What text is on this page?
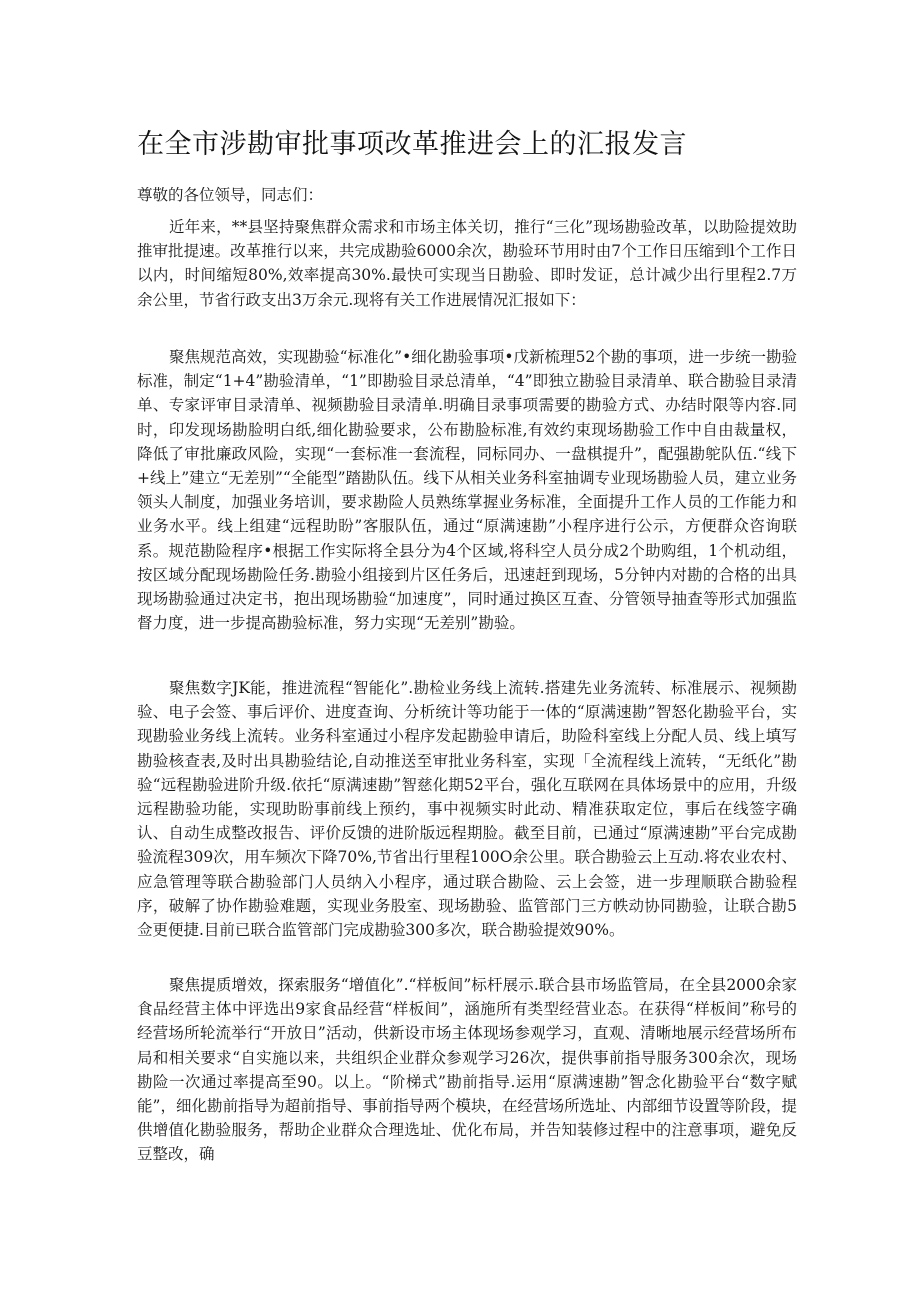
在全市涉勘审批事项改革推进会上的汇报发言

尊敬的各位领导，同志们：

近年来，**县坚持聚焦群众需求和市场主体关切，推行“三化”现场勘验改革，以助险提效助推审批提速。改革推行以来，共完成勘验6000余次，勘验环节用时由7个工作日压缩到l个工作日以内，时间缩短80%,效率提高30%.最快可实现当日勘验、即时发证，总计减少出行里程2.7万余公里，节省行政支出3万余元.现将有关工作进展情况汇报如下：

聚焦规范高效，实现勘验“标准化”•细化勘验事项•戊新梳理52个勘的事项，进一步统一勘验标准，制定“1+4”勘验清单，“1”即勘验目录总清单，“4”即独立勘验目录清单、联合勘验目录清单、专家评审目录清单、视频勘验目录清单.明确目录事项需要的勘验方式、办结时限等内容.同时，印发现场勘脸明白纸,细化勘验要求，公布勘脸标准,有效约束现场勘验工作中自由裁量权，降低了审批廉政风险，实现“一套标准一套流程，同标同办、一盘棋提升”，配强勘鸵队伍.“线下+线上”建立“无差别”“全能型”踏勘队伍。线下从相关业务科室抽调专业现场勘验人员，建立业务领头人制度，加强业务培训，要求勘险人员熟练掌握业务标准，全面提升工作人员的工作能力和业务水平。线上组建“远程助盼”客服队伍，通过“原满速勘”小程序进行公示，方便群众咨询联系。规范勘险程序•根据工作实际将全县分为4个区域,将科空人员分成2个助购组，1个机动组，按区域分配现场勘险任务.勘验小组接到片区任务后，迅速赶到现场，5分钟内对勘的合格的出具现场勘验通过决定书，抱出现场勘验“加速度”，同时通过换区互查、分管领导抽查等形式加强监督力度，进一步提高勘验标准，努力实现“无差别”勘验。

聚焦数字JK能，推进流程“智能化”.勘检业务线上流转.搭建先业务流转、标准展示、视频勘验、电子会签、事后评价、进度查询、分析统计等功能于一体的“原满速勘”智怒化勘验平台，实现勘验业务线上流转。业务科室通过小程序发起勘验申请后，助险科室线上分配人员、线上填写勘验核查表,及时出具勘验结论,自动推送至审批业务科室，实现「全流程线上流转，“无纸化”勘验“远程勘验进阶升级.依托“原满速勘”智慈化期52平台，强化互联网在具体场景中的应用，升级远程勘验功能，实现助盼事前线上预约，事中视频实时此动、精准获取定位，事后在线签字确认、自动生成整改报告、评价反馈的进阶版远程期脸。截至目前，已通过“原满速勘”平台完成勘验流程309次，用车频次下降70%,节省出行里程100O余公里。联合勘验云上互动.将农业农村、应急管理等联合勘验部门人员纳入小程序，通过联合勘险、云上会签，进一步理顺联合勘验程序，破解了协作勘验难题，实现业务股室、现场勘验、监管部门三方帙动协同勘验，让联合勘5佥更便捷.目前已联合监管部门完成勘验300多次，联合勘验提效90%。

聚焦提质增效，探索服务“增值化”.“样板间”标杆展示.联合县市场监管局，在全县2000余家食品经营主体中评选出9家食品经营“样板间”，涵施所有类型经营业态。在获得“样板间”称号的经营场所轮流举行“开放日”活动，供新设市场主体现场参观学习，直观、清晰地展示经营场所布局和相关要求“自实施以来，共组织企业群众参观学习26次，提供事前指导服务300余次，现场勘险一次通过率提高至90。以上。“阶梯式”勘前指导.运用“原满速勘”智念化勘验平台“数字赋能”，细化勘前指导为超前指导、事前指导两个模块，在经营场所选址、内部细节设置等阶段，提供增值化勘验服务，帮助企业群众合理选址、优化布局，并告知装修过程中的注意事项，避免反豆整改，确
